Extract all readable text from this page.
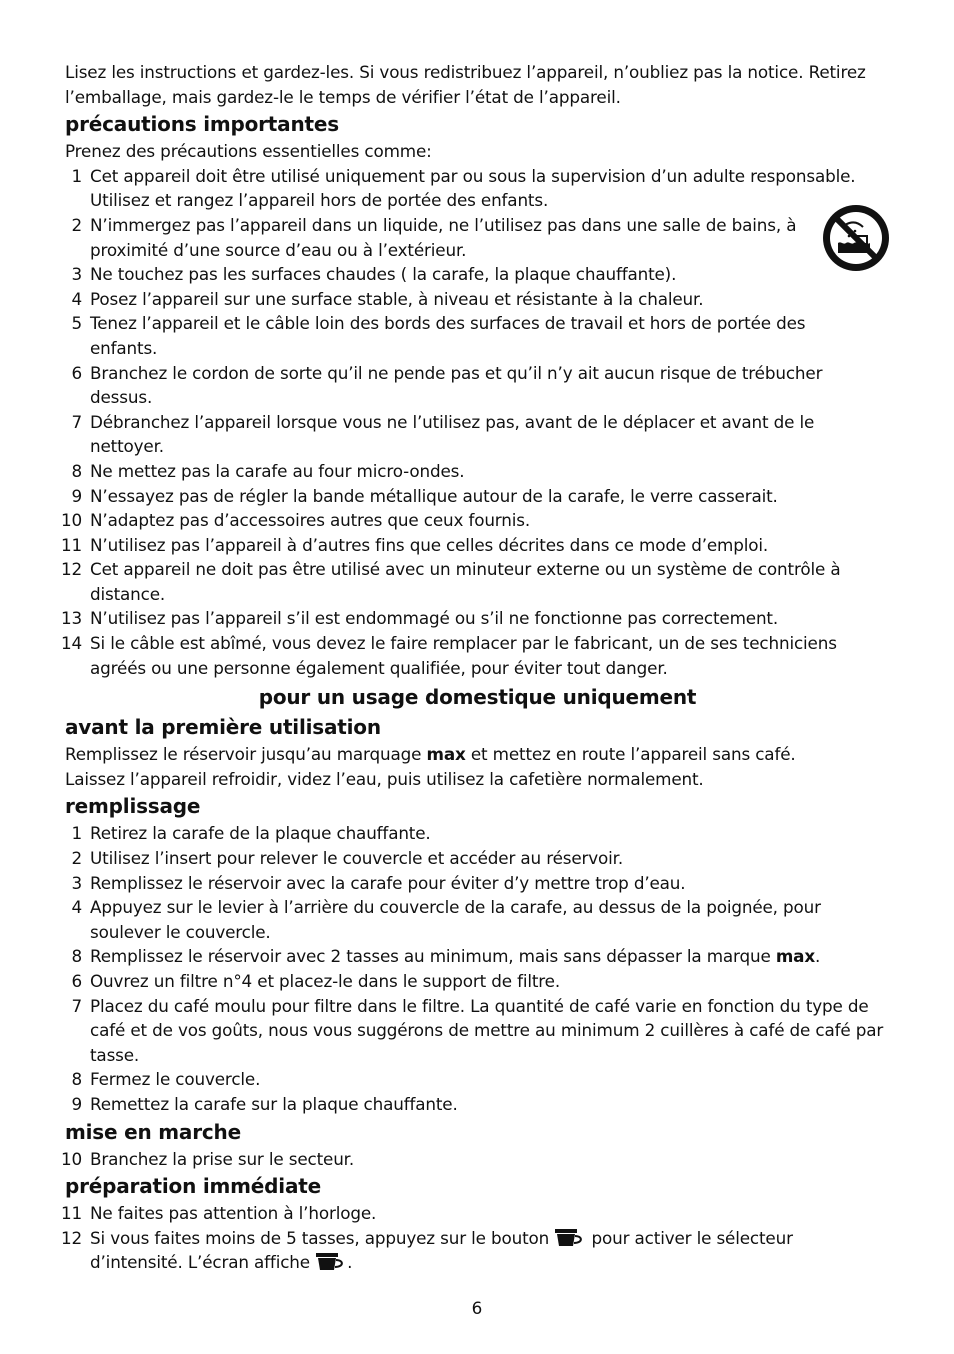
Lisez les instructions et gardez-les. Si vous redistribuez l’appareil, n’oubliez pas la notice. Retirez l’emballage, mais gardez-le le temps de vérifier l’état de l’appareil.

précautions importantes

Prenez des précautions essentielles comme:

1 Cet appareil doit être utilisé uniquement par ou sous la supervision d’un adulte responsable. Utilisez et rangez l’appareil hors de portée des enfants.
2 N’immergez pas l’appareil dans un liquide, ne l’utilisez pas dans une salle de bains, à proximité d’une source d’eau ou à l’extérieur.
3 Ne touchez pas les surfaces chaudes ( la carafe, la plaque chauffante).
4 Posez l’appareil sur une surface stable, à niveau et résistante à la chaleur.
5 Tenez l’appareil et le câble loin des bords des surfaces de travail et hors de portée des enfants.
6 Branchez le cordon de sorte qu’il ne pende pas et qu’il n’y ait aucun risque de trébucher dessus.
7 Débranchez l’appareil lorsque vous ne l’utilisez pas, avant de le déplacer et avant de le nettoyer.
8 Ne mettez pas la carafe au four micro-ondes.
9 N’essayez pas de régler la bande métallique autour de la carafe, le verre casserait.
10 N’adaptez pas d’accessoires autres que ceux fournis.
11 N’utilisez pas l’appareil à d’autres fins que celles décrites dans ce mode d’emploi.
12 Cet appareil ne doit pas être utilisé avec un minuteur externe ou un système de contrôle à distance.
13 N’utilisez pas l’appareil s’il est endommagé ou s’il ne fonctionne pas correctement.
14 Si le câble est abîmé, vous devez le faire remplacer par le fabricant, un de ses techniciens agréés ou une personne également qualifiée, pour éviter tout danger.
pour un usage domestique uniquement
avant la première utilisation

Remplissez le réservoir jusqu’au marquage max et mettez en route l’appareil sans café.

Laissez l’appareil refroidir, videz l’eau, puis utilisez la cafetière normalement.

remplissage
1 Retirez la carafe de la plaque chauffante.
2 Utilisez l’insert pour relever le couvercle et accéder au réservoir.
3 Remplissez le réservoir avec la carafe pour éviter d’y mettre trop d’eau.
4 Appuyez sur le levier à l’arrière du couvercle de la carafe, au dessus de la poignée, pour soulever le couvercle.
8 Remplissez le réservoir avec 2 tasses au minimum, mais sans dépasser la marque max.
6 Ouvrez un filtre n°4 et placez-le dans le support de filtre.
7 Placez du café moulu pour filtre dans le filtre. La quantité de café varie en fonction du type de café et de vos goûts, nous vous suggérons de mettre au minimum 2 cuillères à café de café par tasse.
8 Fermez le couvercle.
9 Remettez la carafe sur la plaque chauffante.
mise en marche
10 Branchez la prise sur le secteur.
préparation immédiate
11 Ne faites pas attention à l’horloge.
12 Si vous faites moins de 5 tasses, appuyez sur le bouton  pour activer le sélecteur d’intensité. L’écran affiche .
6
